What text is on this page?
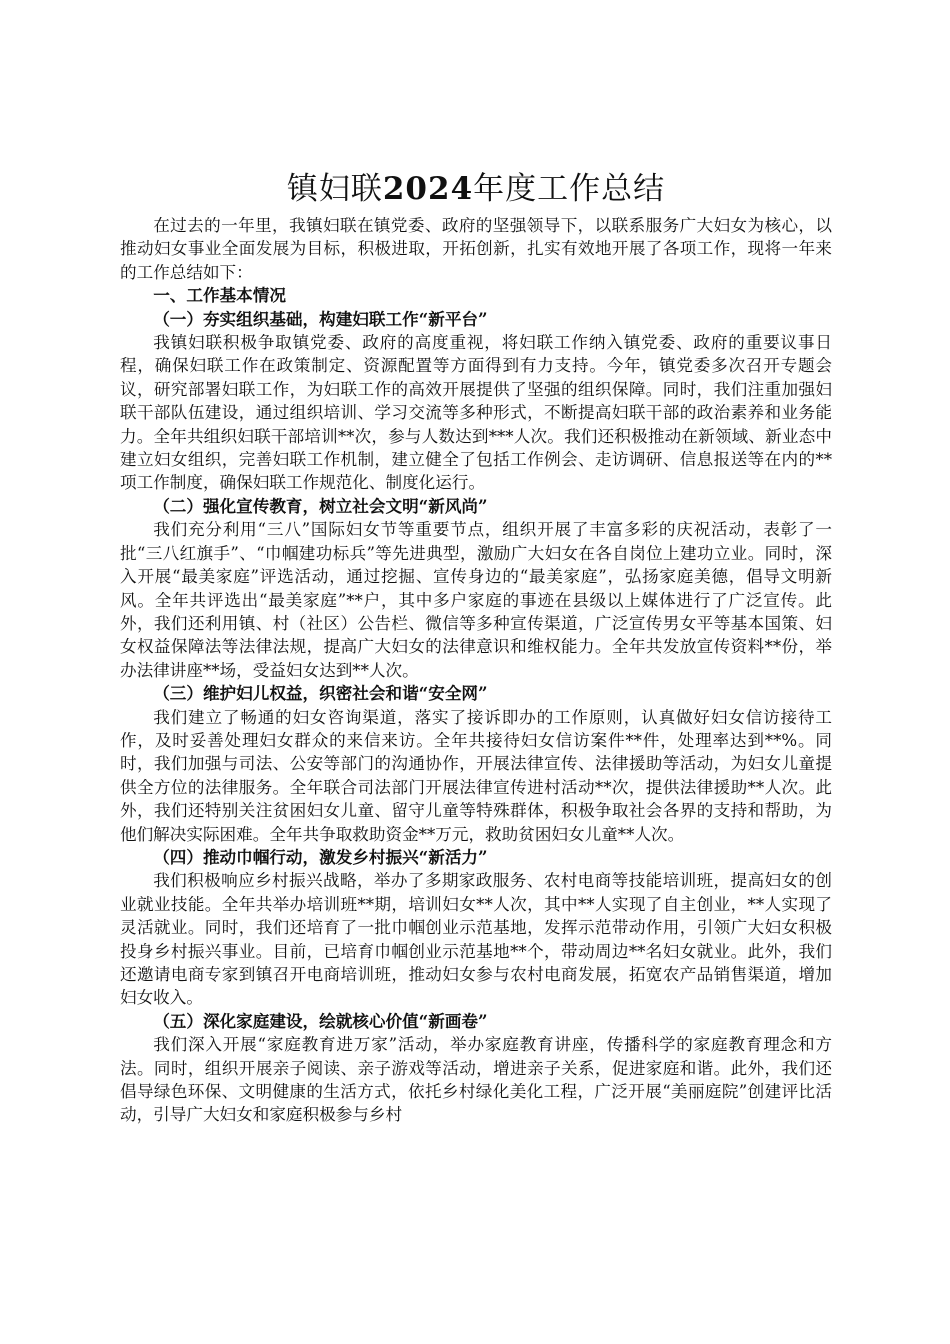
镇妇联2024年度工作总结

在过去的一年里，我镇妇联在镇党委、政府的坚强领导下，以联系服务广大妇女为核心，以推动妇女事业全面发展为目标，积极进取，开拓创新，扎实有效地开展了各项工作，现将一年来的工作总结如下：

一、工作基本情况

（一）夯实组织基础，构建妇联工作“新平台”

我镇妇联积极争取镇党委、政府的高度重视，将妇联工作纳入镇党委、政府的重要议事日程，确保妇联工作在政策制定、资源配置等方面得到有力支持。今年，镇党委多次召开专题会议，研究部署妇联工作，为妇联工作的高效开展提供了坚强的组织保障。同时，我们注重加强妇联干部队伍建设，通过组织培训、学习交流等多种形式，不断提高妇联干部的政治素养和业务能力。全年共组织妇联干部培训**次，参与人数达到***人次。我们还积极推动在新领域、新业态中建立妇女组织，完善妇联工作机制，建立健全了包括工作例会、走访调研、信息报送等在内的**项工作制度，确保妇联工作规范化、制度化运行。

（二）强化宣传教育，树立社会文明“新风尚”

我们充分利用“三八”国际妇女节等重要节点，组织开展了丰富多彩的庆祝活动，表彰了一批“三八红旗手”、“巾帼建功标兵”等先进典型，激励广大妇女在各自岗位上建功立业。同时，深入开展“最美家庭”评选活动，通过挖掘、宣传身边的“最美家庭”，弘扬家庭美德，倡导文明新风。全年共评选出“最美家庭”**户，其中多户家庭的事迹在县级以上媒体进行了广泛宣传。此外，我们还利用镇、村（社区）公告栏、微信等多种宣传渠道，广泛宣传男女平等基本国策、妇女权益保障法等法律法规，提高广大妇女的法律意识和维权能力。全年共发放宣传资料**份，举办法律讲座**场，受益妇女达到**人次。

（三）维护妇儿权益，织密社会和谐“安全网”

我们建立了畅通的妇女咨询渠道，落实了接诉即办的工作原则，认真做好妇女信访接待工作，及时妥善处理妇女群众的来信来访。全年共接待妇女信访案件**件，处理率达到**%。同时，我们加强与司法、公安等部门的沟通协作，开展法律宣传、法律援助等活动，为妇女儿童提供全方位的法律服务。全年联合司法部门开展法律宣传进村活动**次，提供法律援助**人次。此外，我们还特别关注贫困妇女儿童、留守儿童等特殊群体，积极争取社会各界的支持和帮助，为他们解决实际困难。全年共争取救助资金**万元，救助贫困妇女儿童**人次。

（四）推动巾帼行动，激发乡村振兴“新活力”

我们积极响应乡村振兴战略，举办了多期家政服务、农村电商等技能培训班，提高妇女的创业就业技能。全年共举办培训班**期，培训妇女**人次，其中**人实现了自主创业，**人实现了灵活就业。同时，我们还培育了一批巾帼创业示范基地，发挥示范带动作用，引领广大妇女积极投身乡村振兴事业。目前，已培育巾帼创业示范基地**个，带动周边**名妇女就业。此外，我们还邀请电商专家到镇召开电商培训班，推动妇女参与农村电商发展，拓宽农产品销售渠道，增加妇女收入。

（五）深化家庭建设，绘就核心价值“新画卷”

我们深入开展“家庭教育进万家”活动，举办家庭教育讲座，传播科学的家庭教育理念和方法。同时，组织开展亲子阅读、亲子游戏等活动，增进亲子关系，促进家庭和谐。此外，我们还倡导绿色环保、文明健康的生活方式，依托乡村绿化美化工程，广泛开展“美丽庭院”创建评比活动，引导广大妇女和家庭积极参与乡村
